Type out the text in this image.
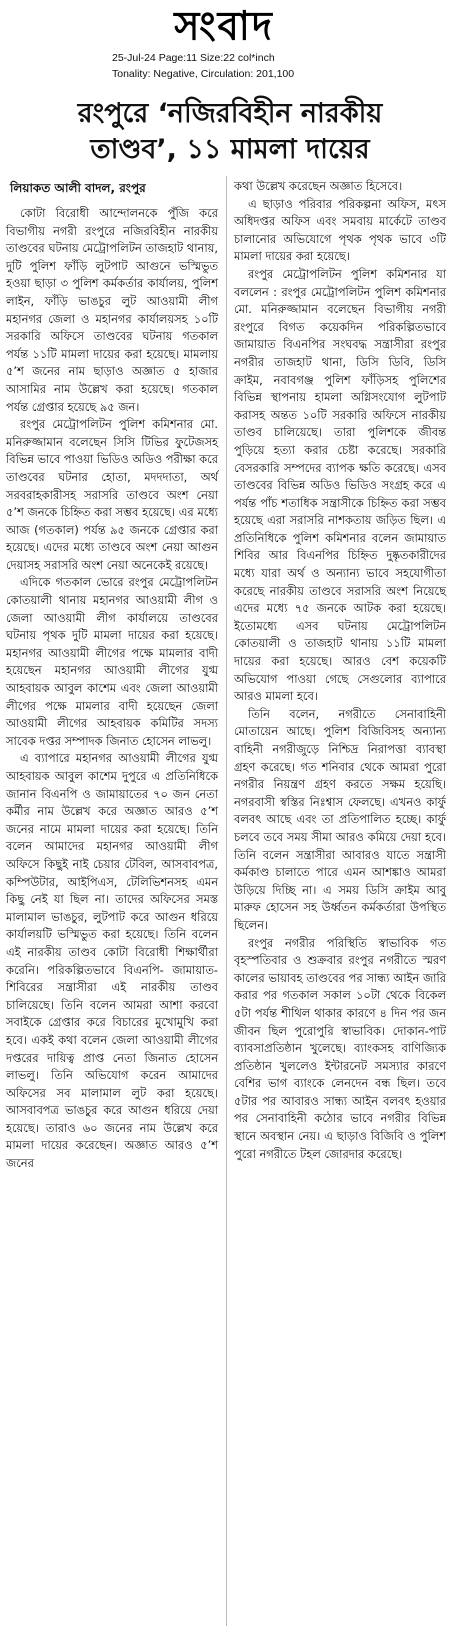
সংবাদ
25-Jul-24 Page:11 Size:22 col*inch
Tonality: Negative, Circulation: 201,100
রংপুরে ‘নজিরবিহীন নারকীয়
তাণ্ডব’, ১১ মামলা দায়ের
লিয়াকত আলী বাদল, রংপুর

কোটা বিরোধী আন্দোলনকে পুঁজি করে বিভাগীয় নগরী রংপুরে নজিরবিহীন নারকীয় তাণ্ডবের ঘটনায় মেট্রোপলিটন তাজহাট থানায়, দুটি পুলিশ ফাঁড়ি লুটপাট আগুনে ভস্মিভুত হওয়া ছাড়া ৩ পুলিশ কর্মকর্তার কার্যালয়, পুলিশ লাইন, ফাঁড়ি ভাঙচুর লুট আওয়ামী লীগ মহানগর জেলা ও মহানগর কার্যালয়সহ ১০টি সরকারি অফিসে তাণ্ডবের ঘটনায় গতকাল পর্যন্ত ১১টি মামলা দায়ের করা হয়েছে। মামলায় ৫’শ জনের নাম ছাড়াও অজ্ঞাত ৫ হাজার আসামির নাম উল্লেখ করা হয়েছে। গতকাল পর্যন্ত গ্রেপ্তার হয়েছে ৯৫ জন।

রংপুর মেট্রোপলিটন পুলিশ কমিশনার মো. মনিরুজ্জামান বলেছেন সিসি টিভির ফুটেজসহ বিভিন্ন ভাবে পাওয়া ভিডিও অডিও পরীক্ষা করে তাণ্ডবের ঘটনার হোতা, মদদদাতা, অর্থ সরবরাহকারীসহ সরাসরি তাণ্ডবে অংশ নেয়া ৫’শ জনকে চিহ্নিত করা সম্ভব হয়েছে। এর মধ্যে আজ (গতকাল) পর্যন্ত ৯৫ জনকে গ্রেপ্তার করা হয়েছে। এদের মধ্যে তাণ্ডবে অংশ নেয়া আগুন দেয়াসহ সরাসরি অংশ নেয়া অনেকেই রয়েছে।

এদিকে গতকাল ভোরে রংপুর মেট্রোপলিটন কোতয়ালী থানায় মহানগর আওয়ামী লীগ ও জেলা আওয়ামী লীগ কার্যালয়ে তাণ্ডবের ঘটনায় পৃথক দুটি মামলা দায়ের করা হয়েছে। মহানগর আওয়ামী লীগের পক্ষে মামলার বাদী হয়েছেন মহানগর আওয়ামী লীগের যুগ্ম আহবায়ক আবুল কাশেম এবং জেলা আওয়ামী লীগের পক্ষে মামলার বাদী হয়েছেন জেলা আওয়ামী লীগের আহবায়ক কমিটির সদস্য সাবেক দপ্তর সম্পাদক জিনাত হোসেন লাভলু।

এ ব্যাপারে মহানগর আওয়ামী লীগের যুগ্ম আহবায়ক আবুল কাশেম দুপুরে এ প্রতিনিধিকে জানান বিএনপি ও জামায়াতের ৭০ জন নেতা কর্মীর নাম উল্লেখ করে অজ্ঞাত আরও ৫’শ জনের নামে মামলা দায়ের করা হয়েছে। তিনি বলেন আমাদের মহানগর আওয়ামী লীগ অফিসে কিছুই নাই চেয়ার টেবিল, আসবাবপত্র, কম্পিউটার, আইপিএস, টেলিভিশনসহ এমন কিছু নেই যা ছিল না। তাদের অফিসের সমস্ত মালামাল ভাঙচুর, লুটপাট করে আগুন ধরিয়ে কার্যালয়টি ভস্মিভুত করা হয়েছে। তিনি বলেন এই নারকীয় তাণ্ডব কোটা বিরোধী শিক্ষার্থীরা করেনি। পরিকল্পিতভাবে বিএনপি- জামায়াত-শিবিরের সন্ত্রাসীরা এই নারকীয় তাণ্ডব চালিয়েছে। তিনি বলেন আমরা আশা করবো সবাইকে গ্রেপ্তার করে বিচারের মুখোমুখি করা হবে। একই কথা বলেন জেলা আওয়ামী লীগের দপ্তরের দায়িত্ব প্রাপ্ত নেতা জিনাত হোসেন লাভলু। তিনি অভিযোগ করেন আমাদের অফিসের সব মালামাল লুট করা হয়েছে। আসবাবপত্র ভাঙচুর করে আগুন ধরিয়ে দেয়া হয়েছে। তারাও ৬০ জনের নাম উল্লেখ করে মামলা দায়ের করেছেন। অজ্ঞাত আরও ৫’শ জনের

কথা উল্লেখ করেছেন অজ্ঞাত হিসেবে।

এ ছাড়াও পরিবার পরিকল্পনা অফিস, মৎস অধিদপ্তর অফিস এবং সমবায় মার্কেটে তাণ্ডব চালানোর অভিযোগে পৃথক পৃথক ভাবে ৩টি মামলা দায়ের করা হয়েছে।

রংপুর মেট্রোপলিটন পুলিশ কমিশনার যা বললেন : রংপুর মেট্রোপলিটন পুলিশ কমিশনার মো. মনিরুজ্জামান বলেছেন বিভাগীয় নগরী রংপুরে বিগত কয়েকদিন পরিকল্পিতভাবে জামায়াত বিএনপির সংঘবদ্ধ সন্ত্রাসীরা রংপুর নগরীর তাজহাট থানা, ডিসি ডিবি, ডিসি ক্রাইম, নবাবগঞ্জ পুলিশ ফাঁড়িসহ পুলিশের বিভিন্ন স্থাপনায় হামলা অগ্নিসংযোগ লুটপাট করাসহ অন্তত ১০টি সরকারি অফিসে নারকীয় তাণ্ডব চালিয়েছে। তারা পুলিশকে জীবন্ত পুড়িয়ে হত্যা করার চেষ্টা করেছে। সরকারি বেসরকারি সম্পদের ব্যাপক ক্ষতি করেছে। এসব তাণ্ডবের বিভিন্ন অডিও ভিডিও সংগ্রহ করে এ পর্যন্ত পাঁচ শতাধিক সন্ত্রাসীকে চিহ্নিত করা সম্ভব হয়েছে এরা সরাসরি নাশকতায় জড়িত ছিল। এ প্রতিনিধিকে পুলিশ কমিশনার বলেন জামায়াত শিবির আর বিএনপির চিহ্নিত দুষ্কৃতকারীদের মধ্যে যারা অর্থ ও অন্যান্য ভাবে সহযোগীতা করেছে নারকীয় তাণ্ডবে সরাসরি অংশ নিয়েছে এদের মধ্যে ৭৫ জনকে আটক করা হয়েছে। ইতোমধ্যে এসব ঘটনায় মেট্রোপলিটন কোতয়ালী ও তাজহাট থানায় ১১টি মামলা দায়ের করা হয়েছে। আরও বেশ কয়েকটি অভিযোগ পাওয়া গেছে সেগুলোর ব্যাপারে আরও মামলা হবে।

তিনি বলেন, নগরীতে সেনাবাহিনী মোতায়েন আছে। পুলিশ বিজিবিসহ অন্যান্য বাহিনী নগরীজুড়ে নিশ্চিদ্র নিরাপত্তা ব্যাবস্থা গ্রহণ করেছে। গত শনিবার থেকে আমরা পুরো নগরীর নিয়ন্ত্রণ গ্রহণ করতে সক্ষম হয়েছি। নগরবাসী স্বস্তির নিঃশ্বাস ফেলছে। এখনও কার্ফু বলবৎ আছে এবং তা প্রতিপালিত হচ্ছে। কার্ফু চলবে তবে সময় সীমা আরও কমিয়ে দেয়া হবে। তিনি বলেন সন্ত্রাসীরা আবারও যাতে সন্ত্রাসী কর্মকাণ্ড চালাতে পারে এমন আশঙ্কাও আমরা উড়িয়ে দিচ্ছি না। এ সময় ডিসি ক্রাইম আবু মারুফ হোসেন সহ উর্ধ্বতন কর্মকর্তারা উপস্থিত ছিলেন।

রংপুর নগরীর পরিস্থিতি স্বাভাবিক গত বৃহস্পতিবার ও শুক্রবার রংপুর নগরীতে স্মরণ কালের ভায়াবহ তাণ্ডবের পর সান্ধ্য আইন জারি করার পর গতকাল সকাল ১০টা থেকে বিকেল ৫টা পর্যন্ত শীথিল থাকার কারণে ৪ দিন পর জন জীবন ছিল পুরোপুরি স্বাভাবিক। দোকান-পাট ব্যাবসাপ্রতিষ্ঠান খুলেছে। ব্যাংকসহ বাণিজ্যিক প্রতিষ্ঠান খুললেও ইন্টারনেট সমস্যার কারণে বেশির ভাগ ব্যাংকে লেনদেন বন্ধ ছিল। তবে ৫টার পর আবারও সান্ধ্য আইন বলবৎ হওয়ার পর সেনাবাহিনী কঠোর ভাবে নগরীর বিভিন্ন স্থানে অবস্থান নেয়। এ ছাড়াও বিজিবি ও পুলিশ পুরো নগরীতে টহল জোরদার করেছে।
